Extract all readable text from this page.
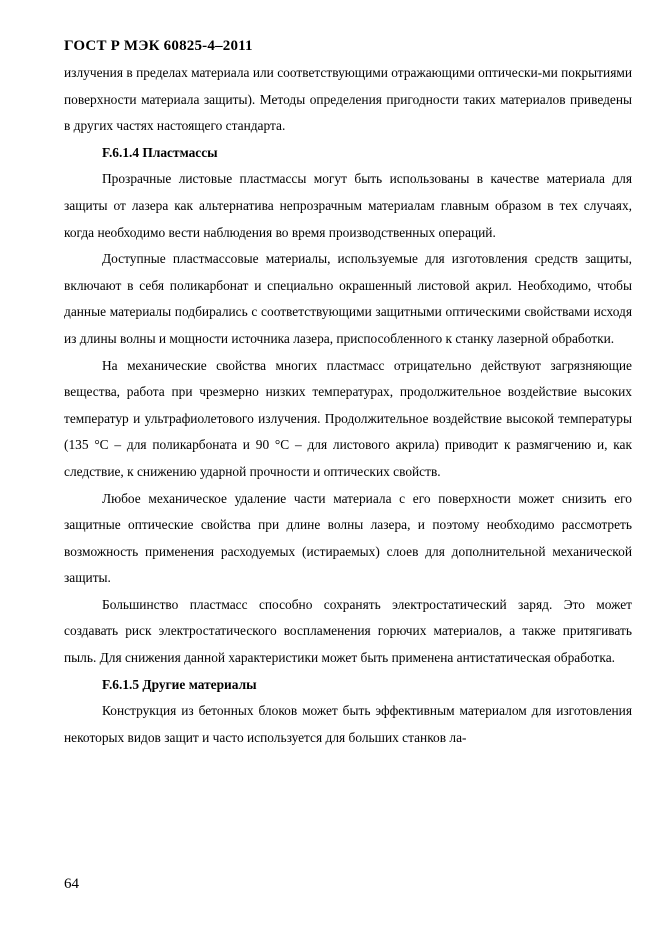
ГОСТ Р МЭК 60825-4–2011

излучения в пределах материала или соответствующими отражающими оптически-ми покрытиями поверхности материала защиты). Методы определения пригодности таких материалов приведены в других частях настоящего стандарта.

F.6.1.4 Пластмассы

Прозрачные листовые пластмассы могут быть использованы в качестве материала для защиты от лазера как альтернатива непрозрачным материалам главным образом в тех случаях, когда необходимо вести наблюдения во время производственных операций.

Доступные пластмассовые материалы, используемые для изготовления средств защиты, включают в себя поликарбонат и специально окрашенный листовой акрил. Необходимо, чтобы данные материалы подбирались с соответствующими защитными оптическими свойствами исходя из длины волны и мощности источника лазера, приспособленного к станку лазерной обработки.

На механические свойства многих пластмасс отрицательно действуют загрязняющие вещества, работа при чрезмерно низких температурах, продолжительное воздействие высоких температур и ультрафиолетового излучения. Продолжительное воздействие высокой температуры (135 °C – для поликарбоната и 90 °C – для листового акрила) приводит к размягчению и, как следствие, к снижению ударной прочности и оптических свойств.

Любое механическое удаление части материала с его поверхности может снизить его защитные оптические свойства при длине волны лазера, и поэтому необходимо рассмотреть возможность применения расходуемых (истираемых) слоев для дополнительной механической защиты.

Большинство пластмасс способно сохранять электростатический заряд. Это может создавать риск электростатического воспламенения горючих материалов, а также притягивать пыль. Для снижения данной характеристики может быть применена антистатическая обработка.

F.6.1.5 Другие материалы

Конструкция из бетонных блоков может быть эффективным материалом для изготовления некоторых видов защит и часто используется для больших станков ла-

64
